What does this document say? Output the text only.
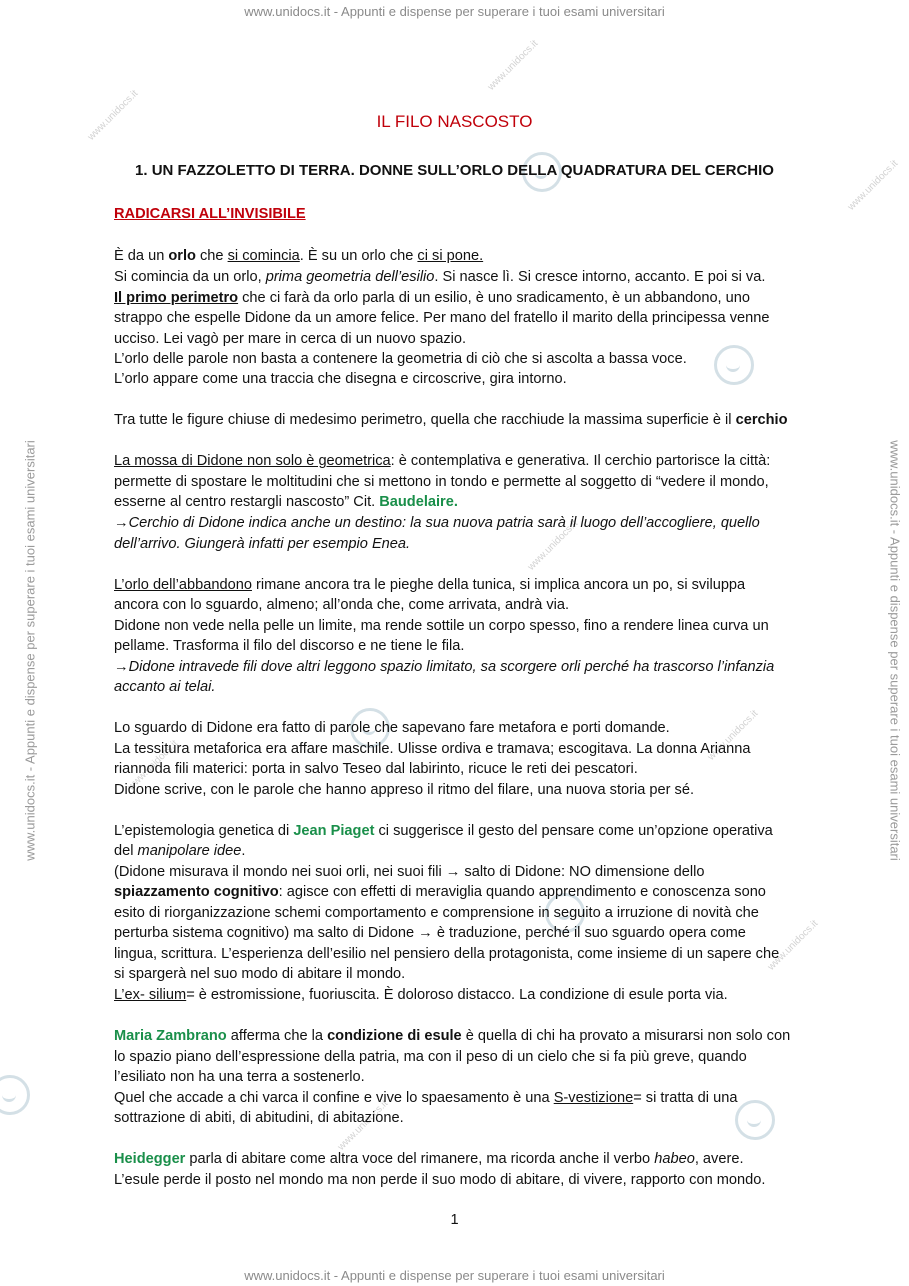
www.unidocs.it - Appunti e dispense per superare i tuoi esami universitari
www.unidocs.it - Appunti e dispense per superare i tuoi esami universitari
www.unidocs.it - Appunti e dispense per superare i tuoi esami universitari	www.unidocs.it - Appunti e dispense per superare i tuoi esami universitari
www.unidocs.it
www.unidocs.it
www.unidocs.it
www.unidocs.it
www.unidocs.it
www.unidocs.it
www.unidocs.it
www.unidocs.it
IL FILO NASCOSTO
1. UN FAZZOLETTO DI TERRA. DONNE SULL’ORLO DELLA QUADRATURA DEL CERCHIO
RADICARSI ALL’INVISIBILE
È da un orlo che si comincia. È su un orlo che ci si pone.
Si comincia da un orlo, prima geometria dell’esilio. Si nasce lì. Si cresce intorno, accanto. E poi si va.
Il primo perimetro che ci farà da orlo parla di un esilio, è uno sradicamento, è un abbandono, uno
strappo che espelle Didone da un amore felice. Per mano del fratello il marito della principessa venne
ucciso. Lei vagò per mare in cerca di un nuovo spazio.
L’orlo delle parole non basta a contenere la geometria di ciò che si ascolta a bassa voce.
L’orlo appare come una traccia che disegna e circoscrive, gira intorno.
Tra tutte le figure chiuse di medesimo perimetro, quella che racchiude la massima superficie è il cerchio
La mossa di Didone non solo è geometrica: è contemplativa e generativa. Il cerchio partorisce la città:
permette di spostare le moltitudini che si mettono in tondo e permette al soggetto di “vedere il mondo,
esserne al centro restargli nascosto” Cit. Baudelaire.
→Cerchio di Didone indica anche un destino: la sua nuova patria sarà il luogo dell’accogliere, quello
dell’arrivo. Giungerà infatti per esempio Enea.
L’orlo dell’abbandono rimane ancora tra le pieghe della tunica, si implica ancora un po, si sviluppa
ancora con lo sguardo, almeno; all’onda che, come arrivata, andrà via.
Didone non vede nella pelle un limite, ma rende sottile un corpo spesso, fino a rendere linea curva un
pellame. Trasforma il filo del discorso e ne tiene le fila.
→Didone intravede fili dove altri leggono spazio limitato, sa scorgere orli perché ha trascorso l’infanzia
accanto ai telai.
Lo sguardo di Didone era fatto di parole che sapevano fare metafora e porti domande.
La tessitura metaforica era affare maschile. Ulisse ordiva e tramava; escogitava. La donna Arianna
riannoda fili materici: porta in salvo Teseo dal labirinto, ricuce le reti dei pescatori.
Didone scrive, con le parole che hanno appreso il ritmo del filare, una nuova storia per sé.
L’epistemologia genetica di Jean Piaget ci suggerisce il gesto del pensare come un’opzione operativa
del manipolare idee.
(Didone misurava il mondo nei suoi orli, nei suoi fili → salto di Didone: NO dimensione dello
spiazzamento cognitivo: agisce con effetti di meraviglia quando apprendimento e conoscenza sono
esito di riorganizzazione schemi comportamento e comprensione in seguito a irruzione di novità che
perturba sistema cognitivo) ma salto di Didone → è traduzione, perché il suo sguardo opera come
lingua, scrittura. L’esperienza dell’esilio nel pensiero della protagonista, come insieme di un sapere che
si spargerà nel suo modo di abitare il mondo.
L’ex- silium= è estromissione, fuoriuscita. È doloroso distacco. La condizione di esule porta via.
Maria Zambrano afferma che la condizione di esule è quella di chi ha provato a misurarsi non solo con
lo spazio piano dell’espressione della patria, ma con il peso di un cielo che si fa più greve, quando
l’esiliato non ha una terra a sostenerlo.
Quel che accade a chi varca il confine e vive lo spaesamento è una S-vestizione= si tratta di una
sottrazione di abiti, di abitudini, di abitazione.
Heidegger parla di abitare come altra voce del rimanere, ma ricorda anche il verbo habeo, avere.
L’esule perde il posto nel mondo ma non perde il suo modo di abitare, di vivere, rapporto con mondo.
1
